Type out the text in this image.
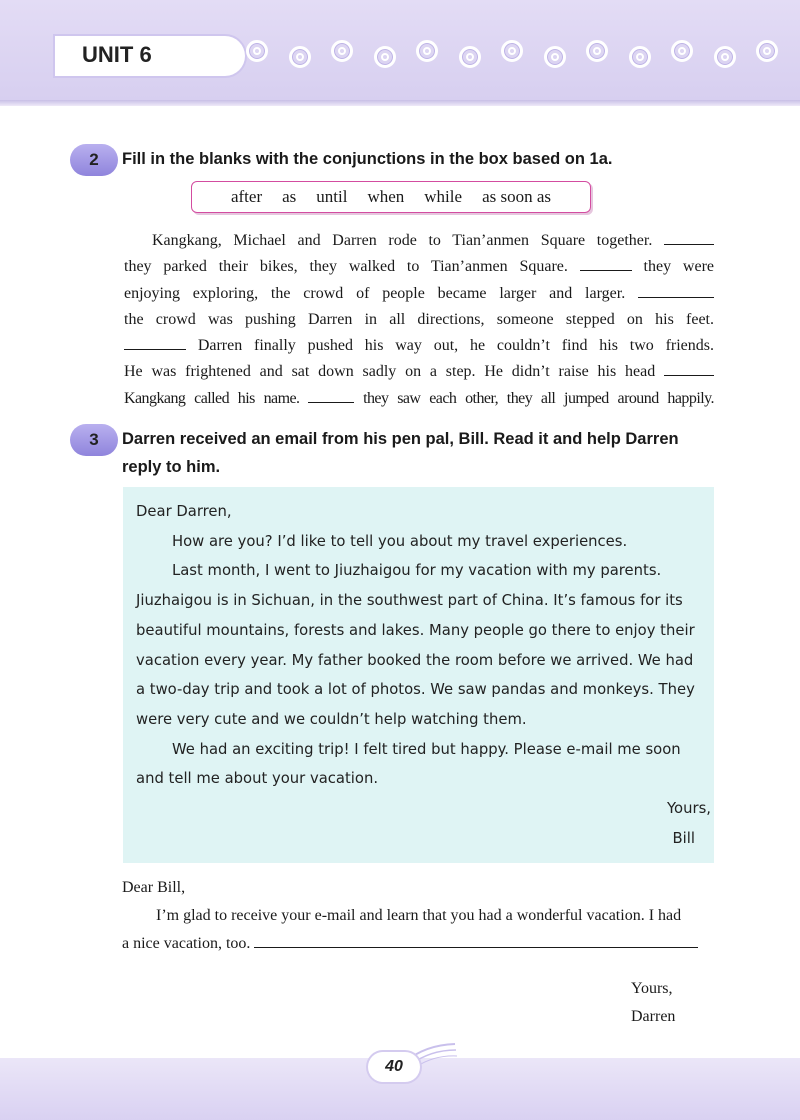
UNIT 6
2	Fill in the blanks with the conjunctions in the box based on 1a.
after as until when while as soon as
Kangkang, Michael and Darren rode to Tian’anmen Square together.
they parked their bikes, they walked to Tian’anmen Square.	they were
enjoying exploring, the crowd of people became larger and larger.
the crowd was pushing Darren in all directions, someone stepped on his feet.
Darren finally pushed his way out, he couldn’t find his two friends.
He was frightened and sat down sadly on a step. He didn’t raise his head
Kangkang called his name.	they saw each other, they all jumped around happily.
3	Darren received an email from his pen pal, Bill. Read it and help Darren
reply to him.
Dear Darren,
How are you? I’d like to tell you about my travel experiences.
Last month, I went to Jiuzhaigou for my vacation with my parents.
Jiuzhaigou is in Sichuan, in the southwest part of China. It’s famous for its
beautiful mountains, forests and lakes. Many people go there to enjoy their
vacation every year. My father booked the room before we arrived. We had
a two-day trip and took a lot of photos. We saw pandas and monkeys. They
were very cute and we couldn’t help watching them.
We had an exciting trip! I felt tired but happy. Please e-mail me soon
and tell me about your vacation.
Yours,
Bill
Dear Bill,
I’m glad to receive your e-mail and learn that you had a wonderful vacation. I had
a nice vacation, too.
Yours,
Darren
40
